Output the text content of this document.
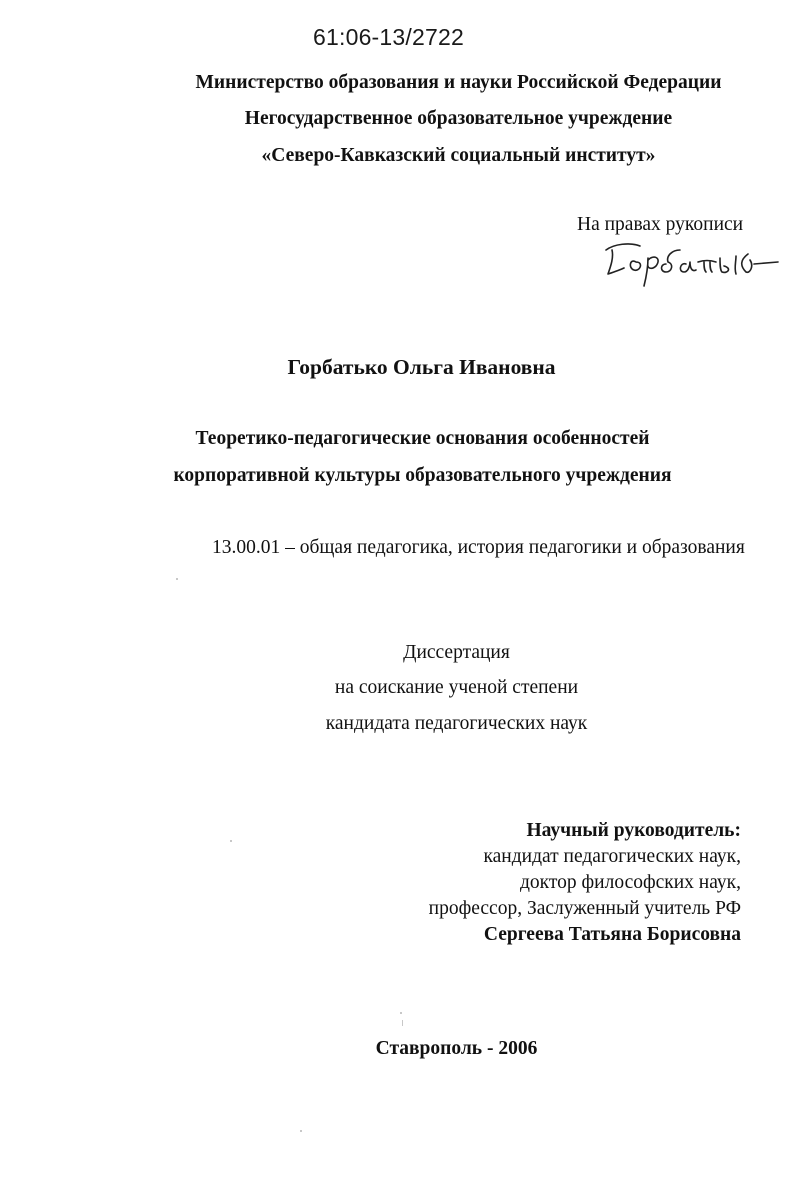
61:06-13/2722
Министерство образования и науки Российской Федерации
Негосударственное образовательное учреждение
«Северо-Кавказский социальный институт»
На правах рукописи
Горбатько Ольга Ивановна
Теоретико-педагогические основания особенностей
корпоративной культуры образовательного учреждения
13.00.01 – общая педагогика, история педагогики и образования
Диссертация
на соискание ученой степени
кандидата педагогических наук
Научный руководитель:
кандидат педагогических наук,
доктор философских наук,
профессор, Заслуженный учитель РФ
Сергеева Татьяна Борисовна
Ставрополь - 2006
